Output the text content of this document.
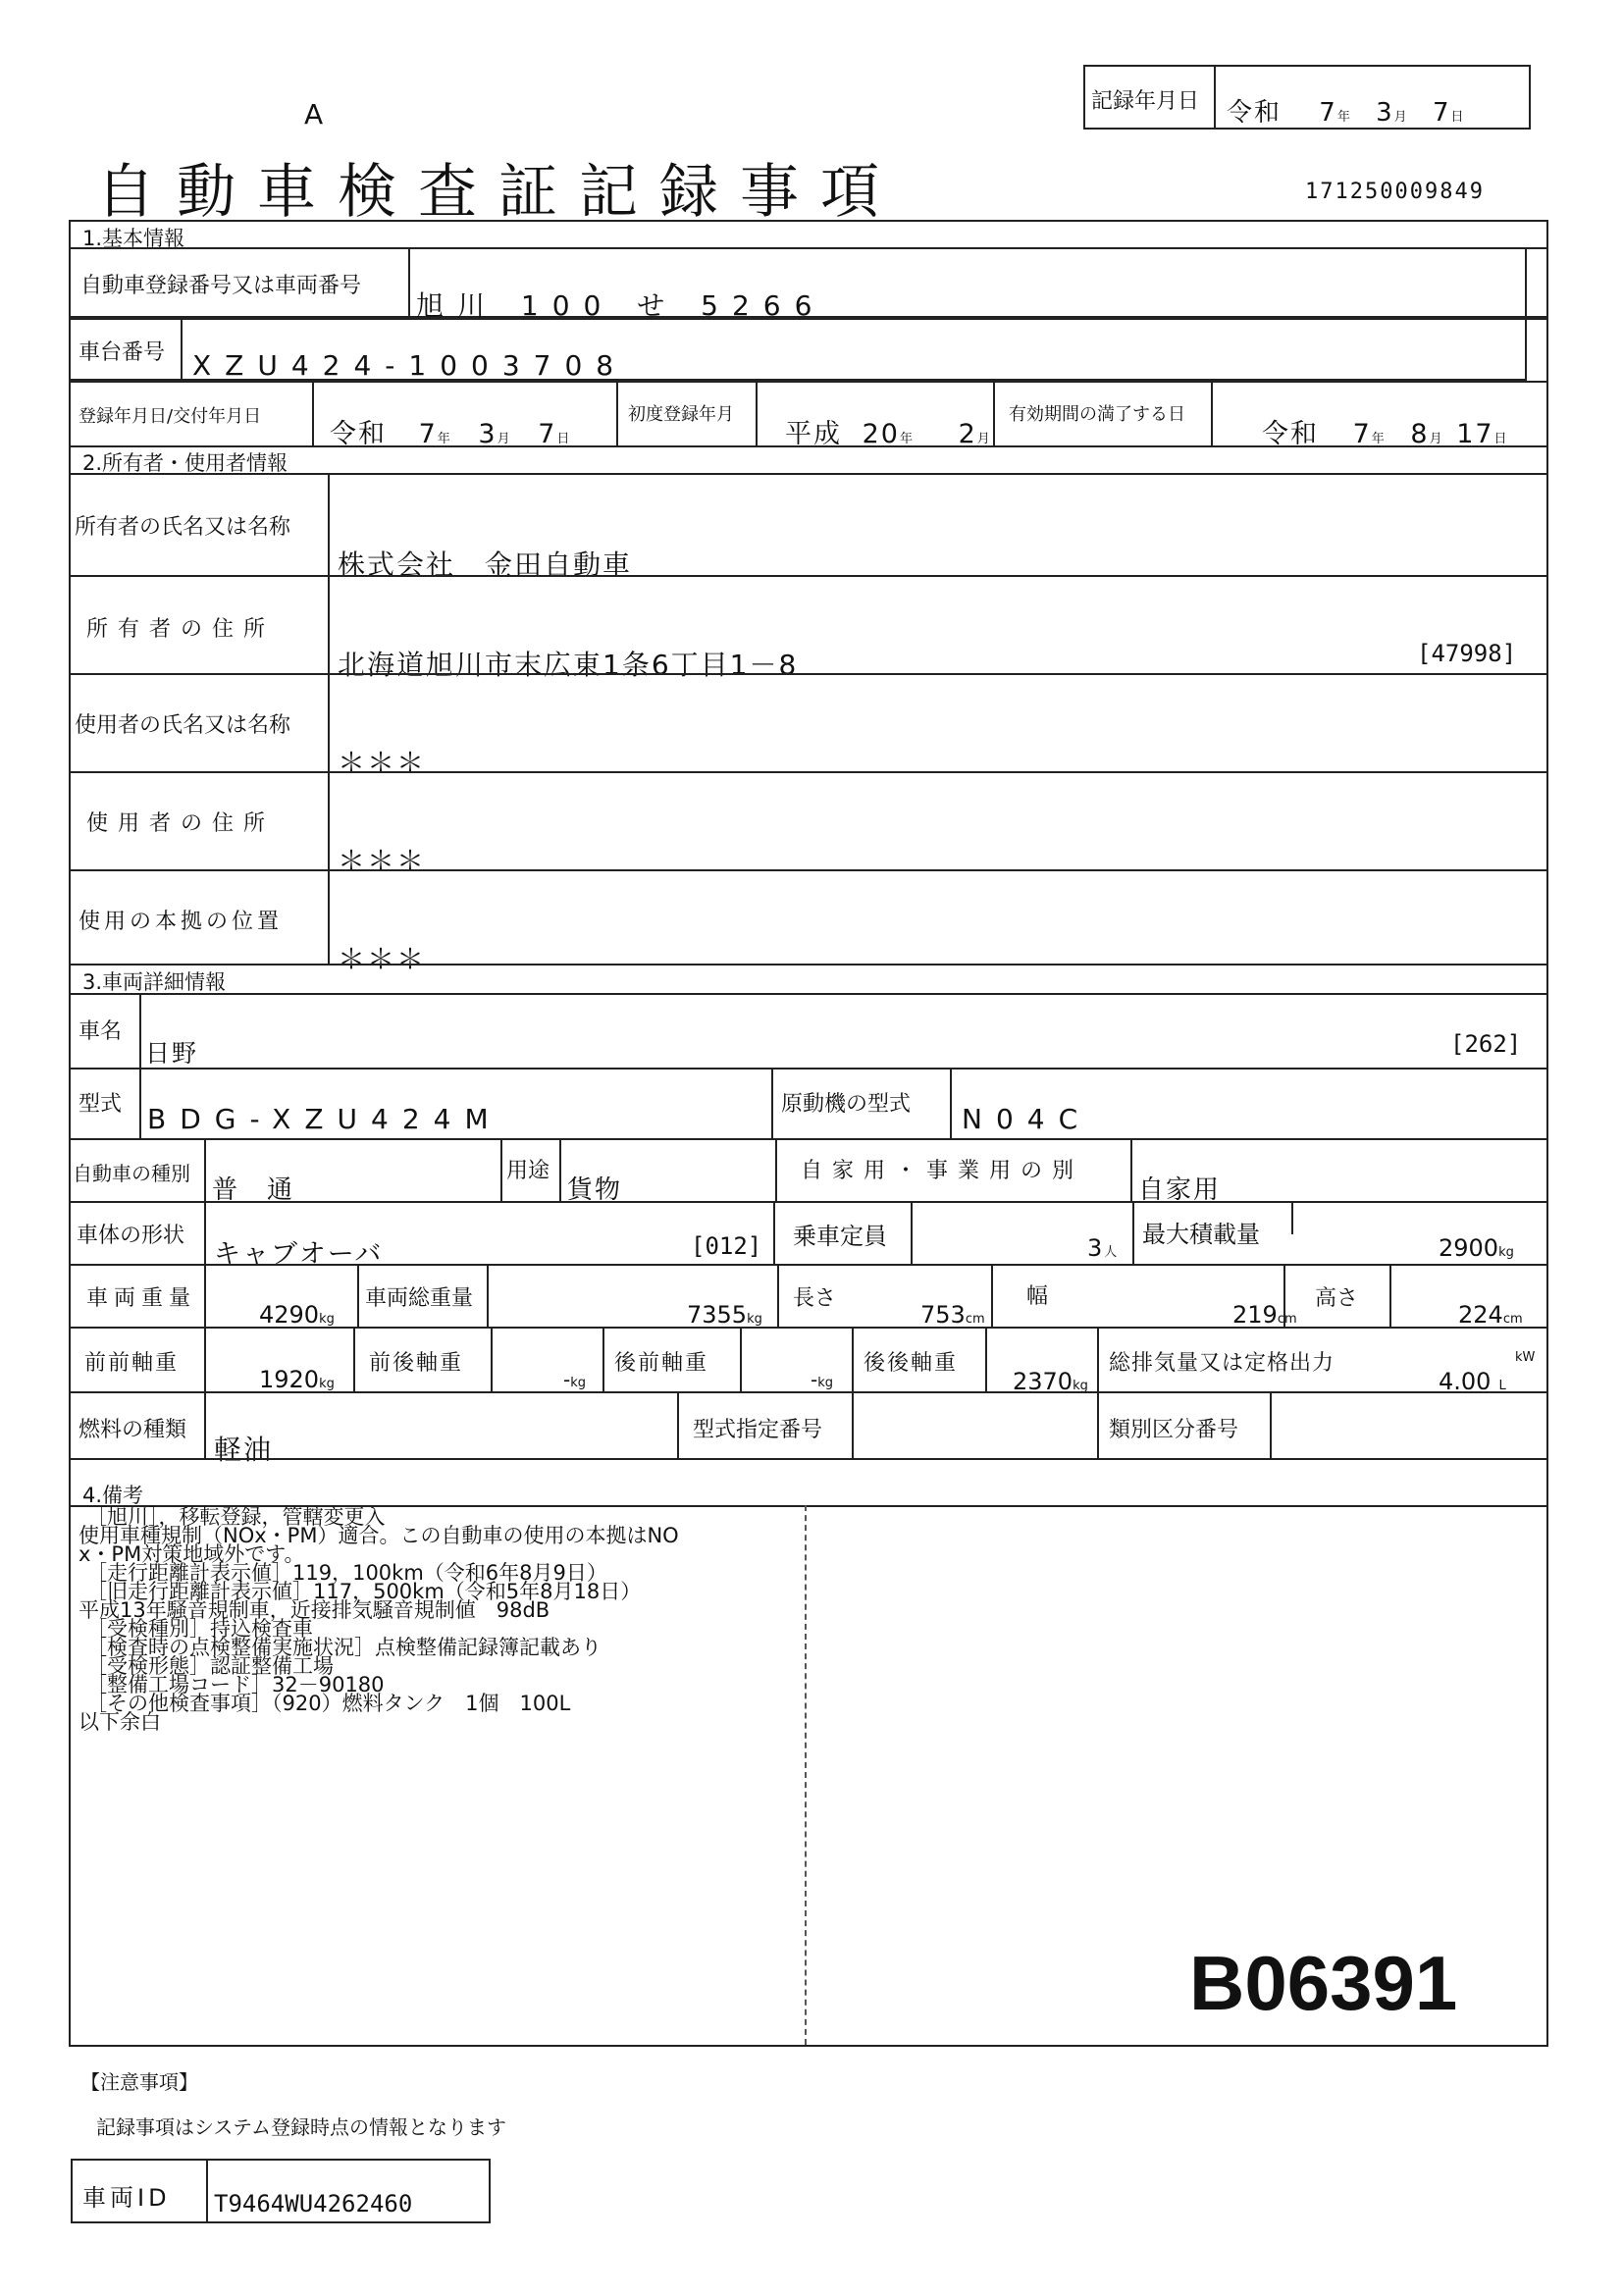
A
自動車検査証記録事項	171250009849
記録年月日 令和 7年 3月 7日
1.基本情報
自動車登録番号又は車両番号
旭川 100 せ 5266
車台番号 XZU424-1003708
登録年月日/交付年月日
令和 7年 3月 7日
初度登録年月
平成 20年 2月
有効期間の満了する日
令和 7年 8月 17日
2.所有者・使用者情報
所有者の氏名又は名称
株式会社　金田自動車
所有者の住所
北海道旭川市末広東1条6丁目1－8	[47998]
使用者の氏名又は名称
＊＊＊
使用者の住所
＊＊＊
使用の本拠の位置
＊＊＊
3.車両詳細情報
車名
日野	[262]
型式 BDG-XZU424M	原動機の型式 N04C
自動車の種別
普　通
用途
貨物
自家用・事業用の別
自家用
車体の形状
キャブオーバ	[012] 乗車定員	3人
最大積載量	2900kg
車両重量
4290kg
車両総重量
7355kg
長さ
753cm
幅
219cm
高さ
224cm
前前軸重
1920kg
前後軸重
-kg
後前軸重
-kg
後後軸重
2370kg
総排気量又は定格出力
4.00 L
kW
燃料の種類
軽油
型式指定番号	類別区分番号
4.備考
［旭川］，移転登録，管轄変更入
使用車種規制（NOx・PM）適合。この自動車の使用の本拠はNO
x・PM対策地域外です。
［走行距離計表示値］119，100km（令和6年8月9日）
［旧走行距離計表示値］117，500km（令和5年8月18日）
平成13年騒音規制車，近接排気騒音規制値　98dB
［受検種別］持込検査車
［検査時の点検整備実施状況］点検整備記録簿記載あり
［受検形態］認証整備工場
［整備工場コード］32－90180
［その他検査事項］（920）燃料タンク　1個　100L
以下余白
B06391
【注意事項】
記録事項はシステム登録時点の情報となります
車両ID T9464WU4262460
